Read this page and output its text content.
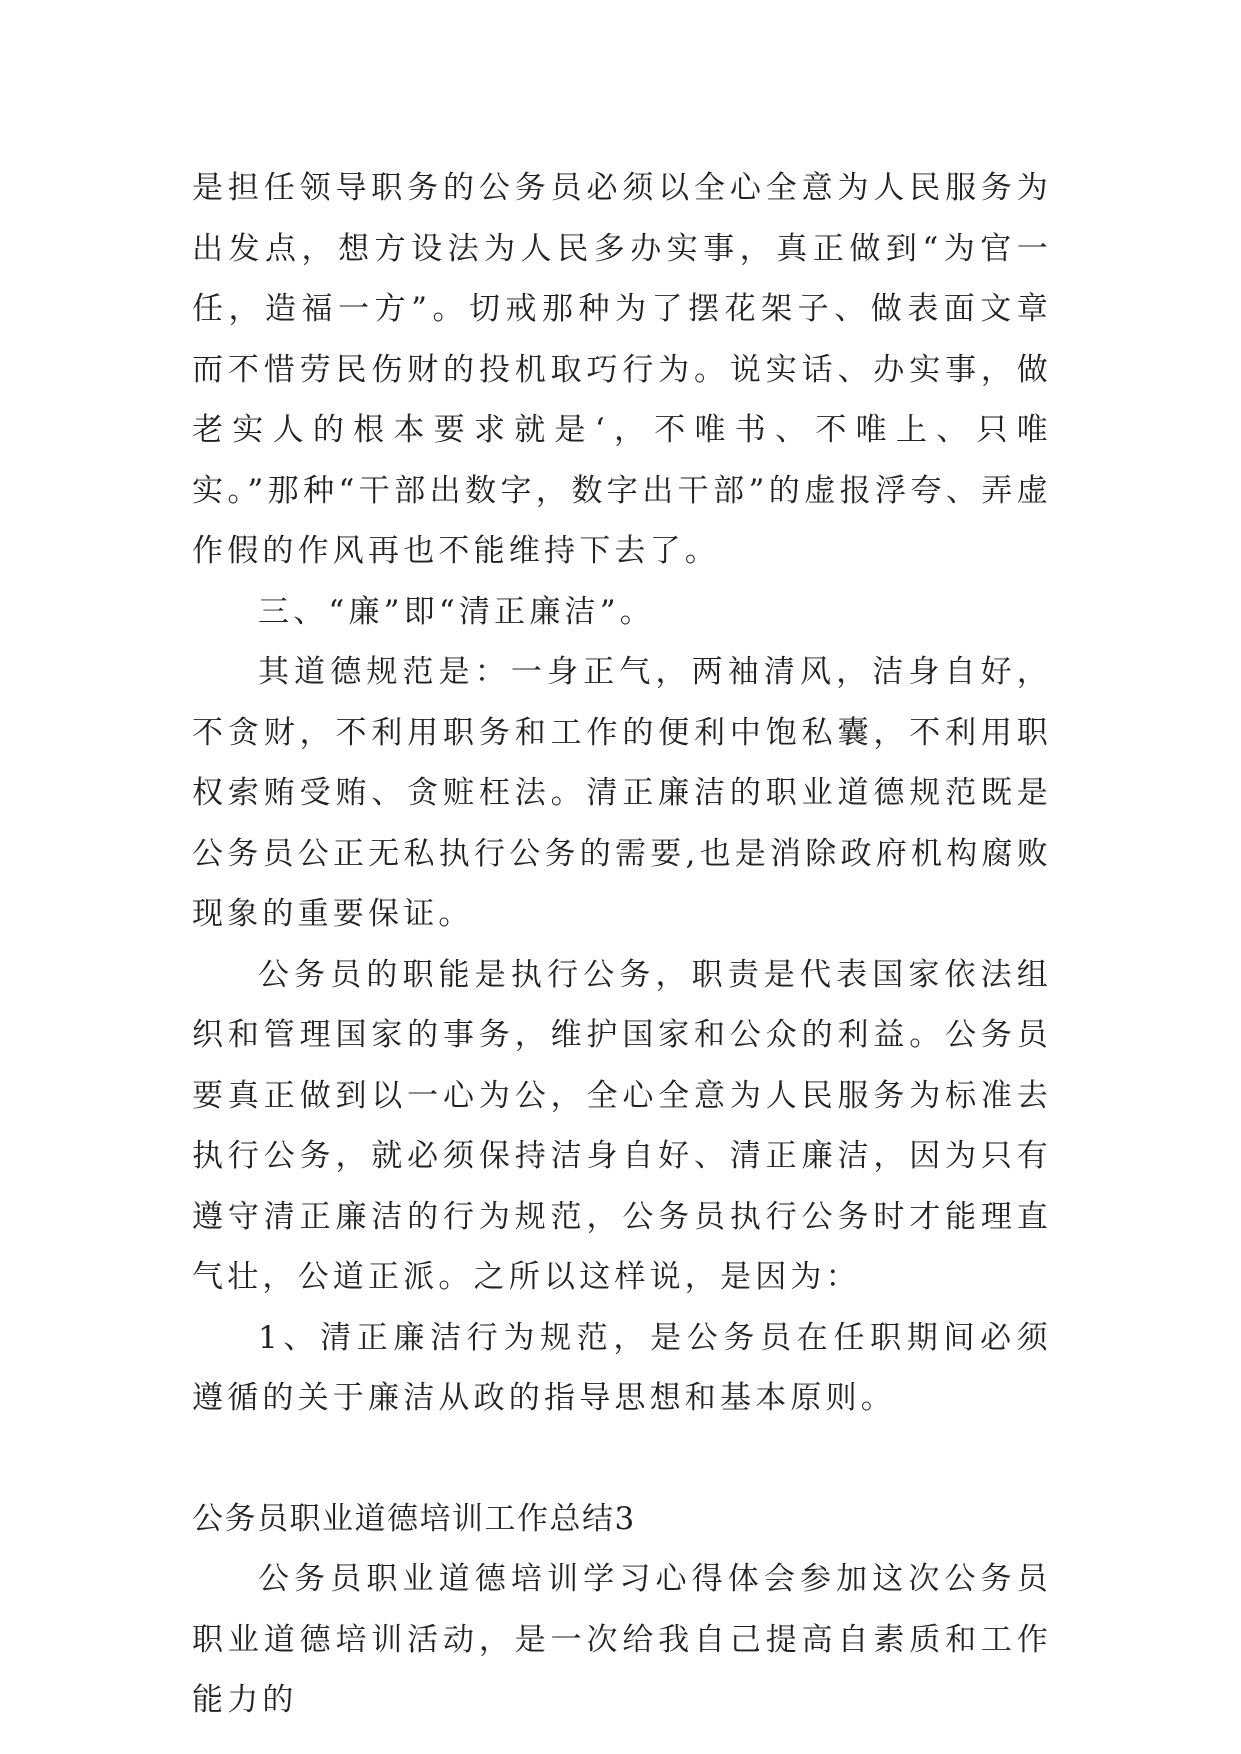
是担任领导职务的公务员必须以全心全意为人民服务为出发点，想方设法为人民多办实事，真正做到“为官一任，造福一方”。切戒那种为了摆花架子、做表面文章而不惜劳民伤财的投机取巧行为。说实话、办实事，做老实人的根本要求就是‘，不唯书、不唯上、只唯实。”那种“干部出数字，数字出干部”的虚报浮夸、弄虚作假的作风再也不能维持下去了。

三、“廉”即“清正廉洁”。

其道德规范是：一身正气，两袖清风，洁身自好，不贪财，不利用职务和工作的便利中饱私囊，不利用职权索贿受贿、贪赃枉法。清正廉洁的职业道德规范既是公务员公正无私执行公务的需要,也是消除政府机构腐败现象的重要保证。

公务员的职能是执行公务，职责是代表国家依法组织和管理国家的事务，维护国家和公众的利益。公务员要真正做到以一心为公，全心全意为人民服务为标准去执行公务，就必须保持洁身自好、清正廉洁，因为只有遵守清正廉洁的行为规范，公务员执行公务时才能理直气壮，公道正派。之所以这样说，是因为：

1、清正廉洁行为规范，是公务员在任职期间必须遵循的关于廉洁从政的指导思想和基本原则。

公务员职业道德培训工作总结3

公务员职业道德培训学习心得体会参加这次公务员职业道德培训活动，是一次给我自己提高自素质和工作能力的
